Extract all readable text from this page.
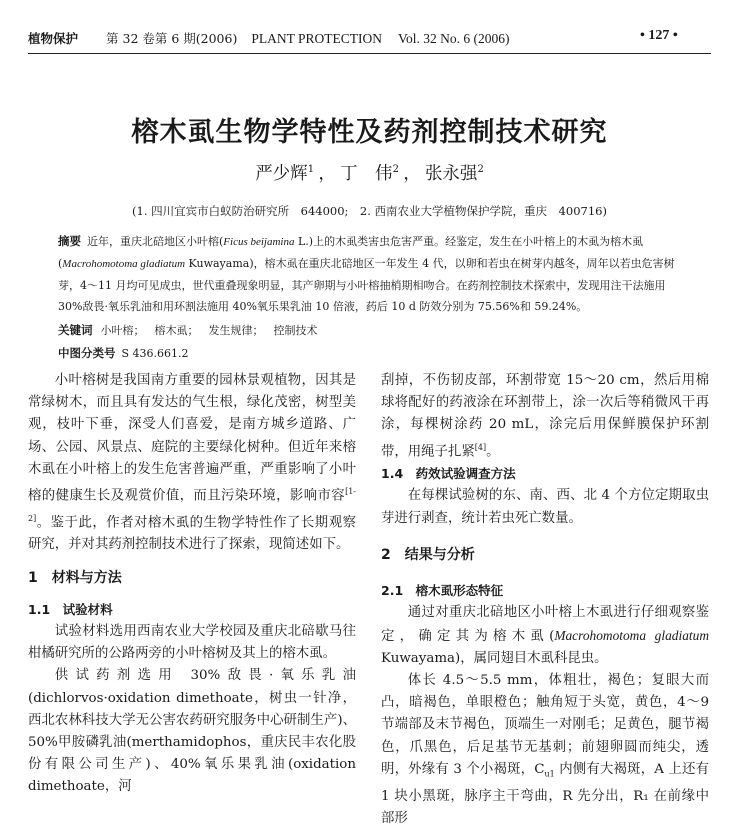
植物保护 第 32 卷第 6 期(2006) PLANT PROTECTION Vol. 32 No. 6 (2006)	• 127 •
榕木虱生物学特性及药剂控制技术研究
严少辉$^1$ ， 丁　伟$^2$ ， 张永强$^2$
(1. 四川宜宾市白蚁防治研究所　644000;　2. 西南农业大学植物保护学院，重庆　400716)
摘要 近年，重庆北碚地区小叶榕(Ficus beijamina L.)上的木虱类害虫危害严重。经鉴定，发生在小叶榕上的木虱为榕木虱(Macrohomotoma gladiatum Kuwayama)，榕木虱在重庆北碚地区一年发生 4 代，以卵和若虫在树芽内越冬，周年以若虫危害树芽，4～11 月均可见成虫，世代重叠现象明显，其产卵期与小叶榕抽梢期相吻合。在药剂控制技术探索中，发现用注干法施用 30%敌畏·氧乐乳油和用环割法施用 40%氧乐果乳油 10 倍液，药后 10 d 防效分别为 75.56%和 59.24%。
关键词 小叶榕； 榕木虱； 发生规律； 控制技术
中图分类号 S 436.661.2

小叶榕树是我国南方重要的园林景观植物，因其是常绿树木，而且具有发达的气生根，绿化茂密，树型美观，枝叶下垂，深受人们喜爱，是南方城乡道路、广场、公园、风景点、庭院的主要绿化树种。但近年来榕木虱在小叶榕上的发生危害普遍严重，严重影响了小叶榕的健康生长及观赏价值，而且污染环境，影响市容[1-2]。鉴于此，作者对榕木虱的生物学特性作了长期观察研究，并对其药剂控制技术进行了探索，现简述如下。

1　材料与方法

1.1　试验材料

试验材料选用西南农业大学校园及重庆北碚歇马往柑橘研究所的公路两旁的小叶榕树及其上的榕木虱。

供试药剂选用 30%敌畏·氧乐乳油(dichlorvos·oxidation dimethoate，树虫一针净，西北农林科技大学无公害农药研究服务中心研制生产)、50%甲胺磷乳油(merthamidophos，重庆民丰农化股份有限公司生产)、40%氧乐果乳油(oxidation dimethoate，河

刮掉，不伤韧皮部，环割带宽 15～20 cm，然后用棉球将配好的药液涂在环割带上，涂一次后等稍微风干再涂，每棵树涂药 20 mL，涂完后用保鲜膜保护环割带，用绳子扎紧[4]。

1.4　药效试验调查方法

在每棵试验树的东、南、西、北 4 个方位定期取虫芽进行剥查，统计若虫死亡数量。

2　结果与分析

2.1　榕木虱形态特征

通过对重庆北碚地区小叶榕上木虱进行仔细观察鉴定，确定其为榕木虱(Macrohomotoma gladiatum Kuwayama)，属同翅目木虱科昆虫。

体长 4.5～5.5 mm，体粗壮，褐色；复眼大而凸，暗褐色，单眼橙色；触角短于头宽，黄色，4～9 节端部及末节褐色，顶端生一对刚毛；足黄色，腿节褐色，爪黑色，后足基节无基刺；前翅卵圆而纯尖，透明，外缘有 3 个小褐斑，$C_{u1}$ 内侧有大褐斑，A 上还有 1 块小黑斑，脉序主干弯曲，R 先分出，R₁ 在前缘中部形
